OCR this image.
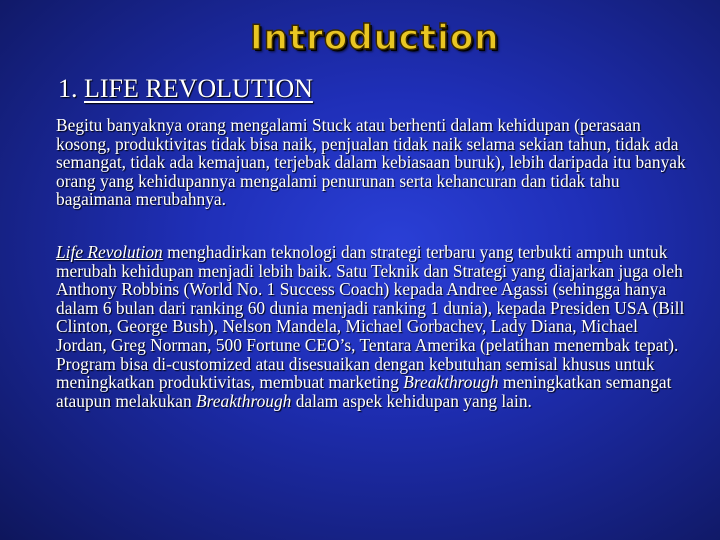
Introduction
1. LIFE REVOLUTION
Begitu banyaknya orang mengalami Stuck atau berhenti dalam kehidupan (perasaan kosong, produktivitas tidak bisa naik, penjualan tidak naik selama sekian tahun, tidak ada semangat, tidak ada kemajuan, terjebak dalam kebiasaan buruk), lebih daripada itu banyak orang yang kehidupannya mengalami penurunan serta kehancuran dan tidak tahu bagaimana merubahnya.
Life Revolution menghadirkan teknologi dan strategi terbaru yang terbukti ampuh untuk merubah kehidupan menjadi lebih baik. Satu Teknik dan Strategi yang diajarkan juga oleh Anthony Robbins (World No. 1 Success Coach) kepada Andree Agassi (sehingga hanya dalam 6 bulan dari ranking 60 dunia menjadi ranking 1 dunia), kepada Presiden USA (Bill Clinton, George Bush), Nelson Mandela, Michael Gorbachev, Lady Diana, Michael Jordan, Greg Norman, 500 Fortune CEO’s, Tentara Amerika (pelatihan menembak tepat). Program bisa di-customized atau disesuaikan dengan kebutuhan semisal khusus untuk meningkatkan produktivitas, membuat marketing Breakthrough meningkatkan semangat ataupun melakukan Breakthrough dalam aspek kehidupan yang lain.
